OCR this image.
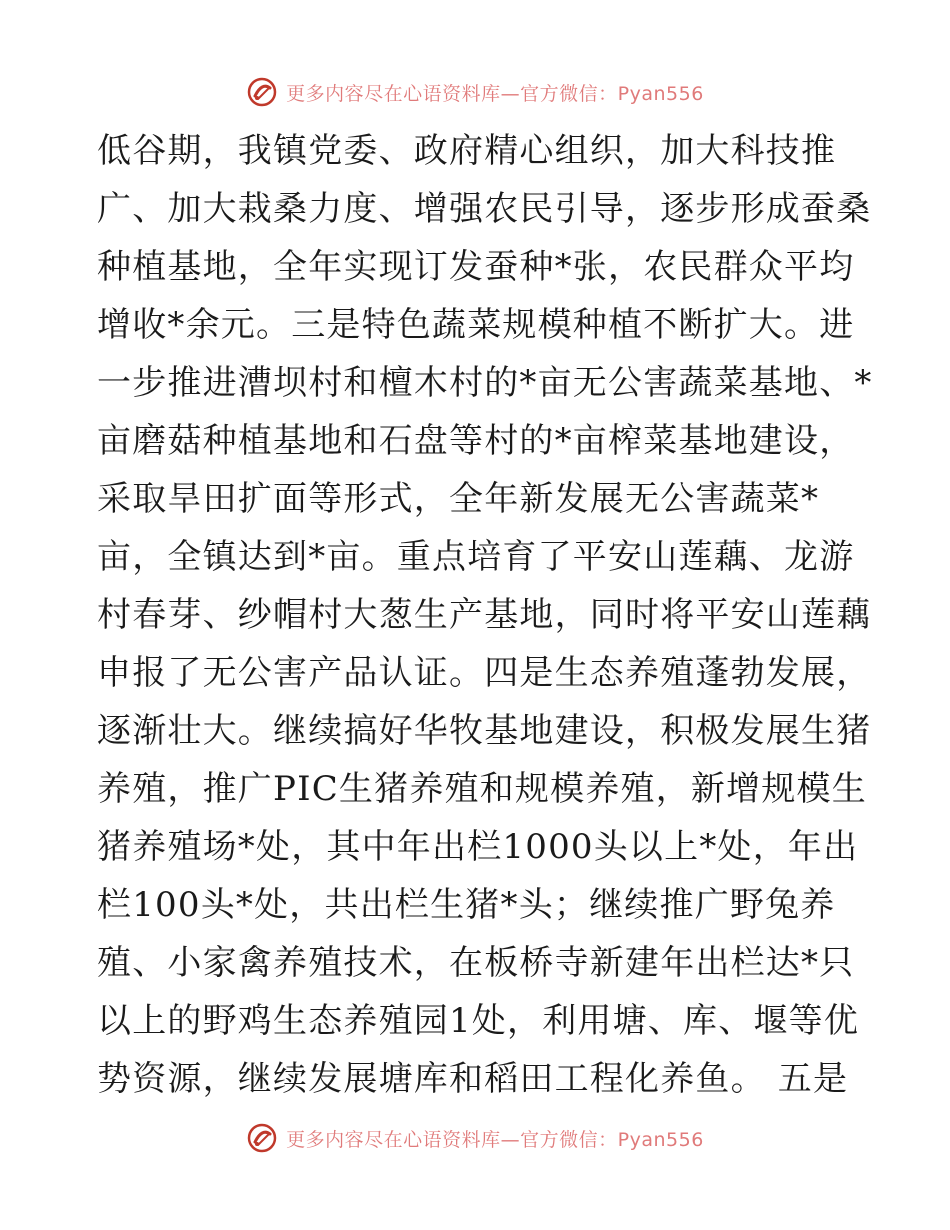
更多内容尽在心语资料库—官方微信：Pyan556
低谷期，我镇党委、政府精心组织，加大科技推
广、加大栽桑力度、增强农民引导，逐步形成蚕桑
种植基地，全年实现订发蚕种*张，农民群众平均
增收*余元。三是特色蔬菜规模种植不断扩大。进
一步推进漕坝村和檀木村的*亩无公害蔬菜基地、*
亩磨菇种植基地和石盘等村的*亩榨菜基地建设，
采取旱田扩面等形式，全年新发展无公害蔬菜*
亩，全镇达到*亩。重点培育了平安山莲藕、龙游
村春芽、纱帽村大葱生产基地，同时将平安山莲藕
申报了无公害产品认证。四是生态养殖蓬勃发展，
逐渐壮大。继续搞好华牧基地建设，积极发展生猪
养殖，推广PIC生猪养殖和规模养殖，新增规模生
猪养殖场*处，其中年出栏1000头以上*处，年出
栏100头*处，共出栏生猪*头；继续推广野兔养
殖、小家禽养殖技术，在板桥寺新建年出栏达*只
以上的野鸡生态养殖园1处，利用塘、库、堰等优
势资源，继续发展塘库和稻田工程化养鱼。 五是
更多内容尽在心语资料库—官方微信：Pyan556
